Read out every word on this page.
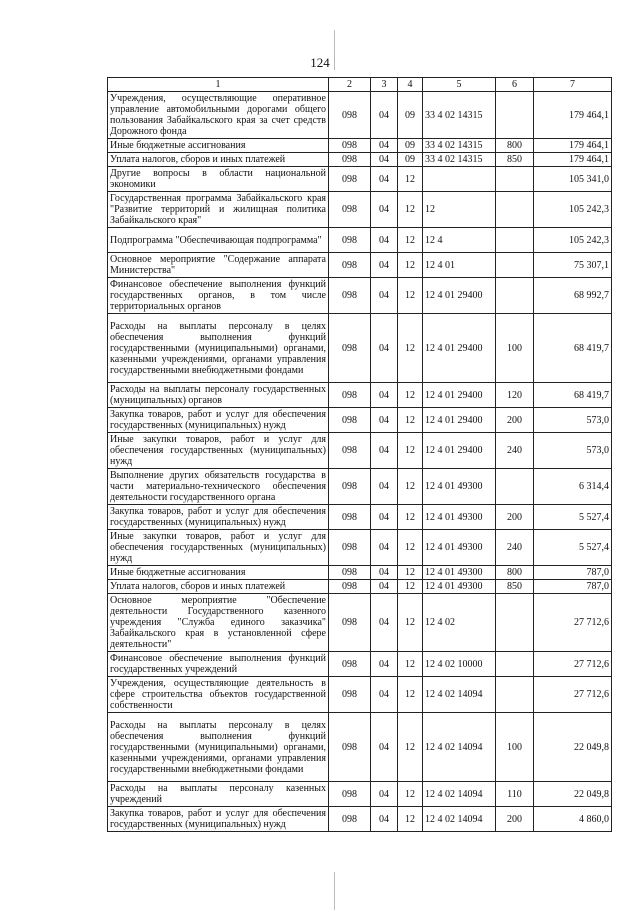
124
1	2	3	4	5	6	7
Учреждения, осуществляющие оперативное управление автомобильными дорогами общего пользования Забайкальского края за счет средств Дорожного фонда	098	04	09	33 4 02 14315		179 464,1
Иные бюджетные ассигнования	098	04	09	33 4 02 14315	800	179 464,1
Уплата налогов, сборов и иных платежей	098	04	09	33 4 02 14315	850	179 464,1
Другие вопросы в области национальной экономики	098	04	12			105 341,0
Государственная программа Забайкальского края "Развитие территорий и жилищная политика Забайкальского края"	098	04	12	12		105 242,3
Подпрограмма "Обеспечивающая подпрограмма"	098	04	12	12 4		105 242,3
Основное мероприятие "Содержание аппарата Министерства"	098	04	12	12 4 01		75 307,1
Финансовое обеспечение выполнения функций государственных органов, в том числе территориальных органов	098	04	12	12 4 01 29400		68 992,7
Расходы на выплаты персоналу в целях обеспечения выполнения функций государственными (муниципальными) органами, казенными учреждениями, органами управления государственными внебюджетными фондами	098	04	12	12 4 01 29400	100	68 419,7
Расходы на выплаты персоналу государственных (муниципальных) органов	098	04	12	12 4 01 29400	120	68 419,7
Закупка товаров, работ и услуг для обеспечения государственных (муниципальных) нужд	098	04	12	12 4 01 29400	200	573,0
Иные закупки товаров, работ и услуг для обеспечения государственных (муниципальных) нужд	098	04	12	12 4 01 29400	240	573,0
Выполнение других обязательств государства в части материально-технического обеспечения деятельности государственного органа	098	04	12	12 4 01 49300		6 314,4
Закупка товаров, работ и услуг для обеспечения государственных (муниципальных) нужд	098	04	12	12 4 01 49300	200	5 527,4
Иные закупки товаров, работ и услуг для обеспечения государственных (муниципальных) нужд	098	04	12	12 4 01 49300	240	5 527,4
Иные бюджетные ассигнования	098	04	12	12 4 01 49300	800	787,0
Уплата налогов, сборов и иных платежей	098	04	12	12 4 01 49300	850	787,0
Основное мероприятие "Обеспечение деятельности Государственного казенного учреждения "Служба единого заказчика" Забайкальского края в установленной сфере деятельности"	098	04	12	12 4 02		27 712,6
Финансовое обеспечение выполнения функций государственных учреждений	098	04	12	12 4 02 10000		27 712,6
Учреждения, осуществляющие деятельность в сфере строительства объектов государственной собственности	098	04	12	12 4 02 14094		27 712,6
Расходы на выплаты персоналу в целях обеспечения выполнения функций государственными (муниципальными) органами, казенными учреждениями, органами управления государственными внебюджетными фондами	098	04	12	12 4 02 14094	100	22 049,8
Расходы на выплаты персоналу казенных учреждений	098	04	12	12 4 02 14094	110	22 049,8
Закупка товаров, работ и услуг для обеспечения государственных (муниципальных) нужд	098	04	12	12 4 02 14094	200	4 860,0
